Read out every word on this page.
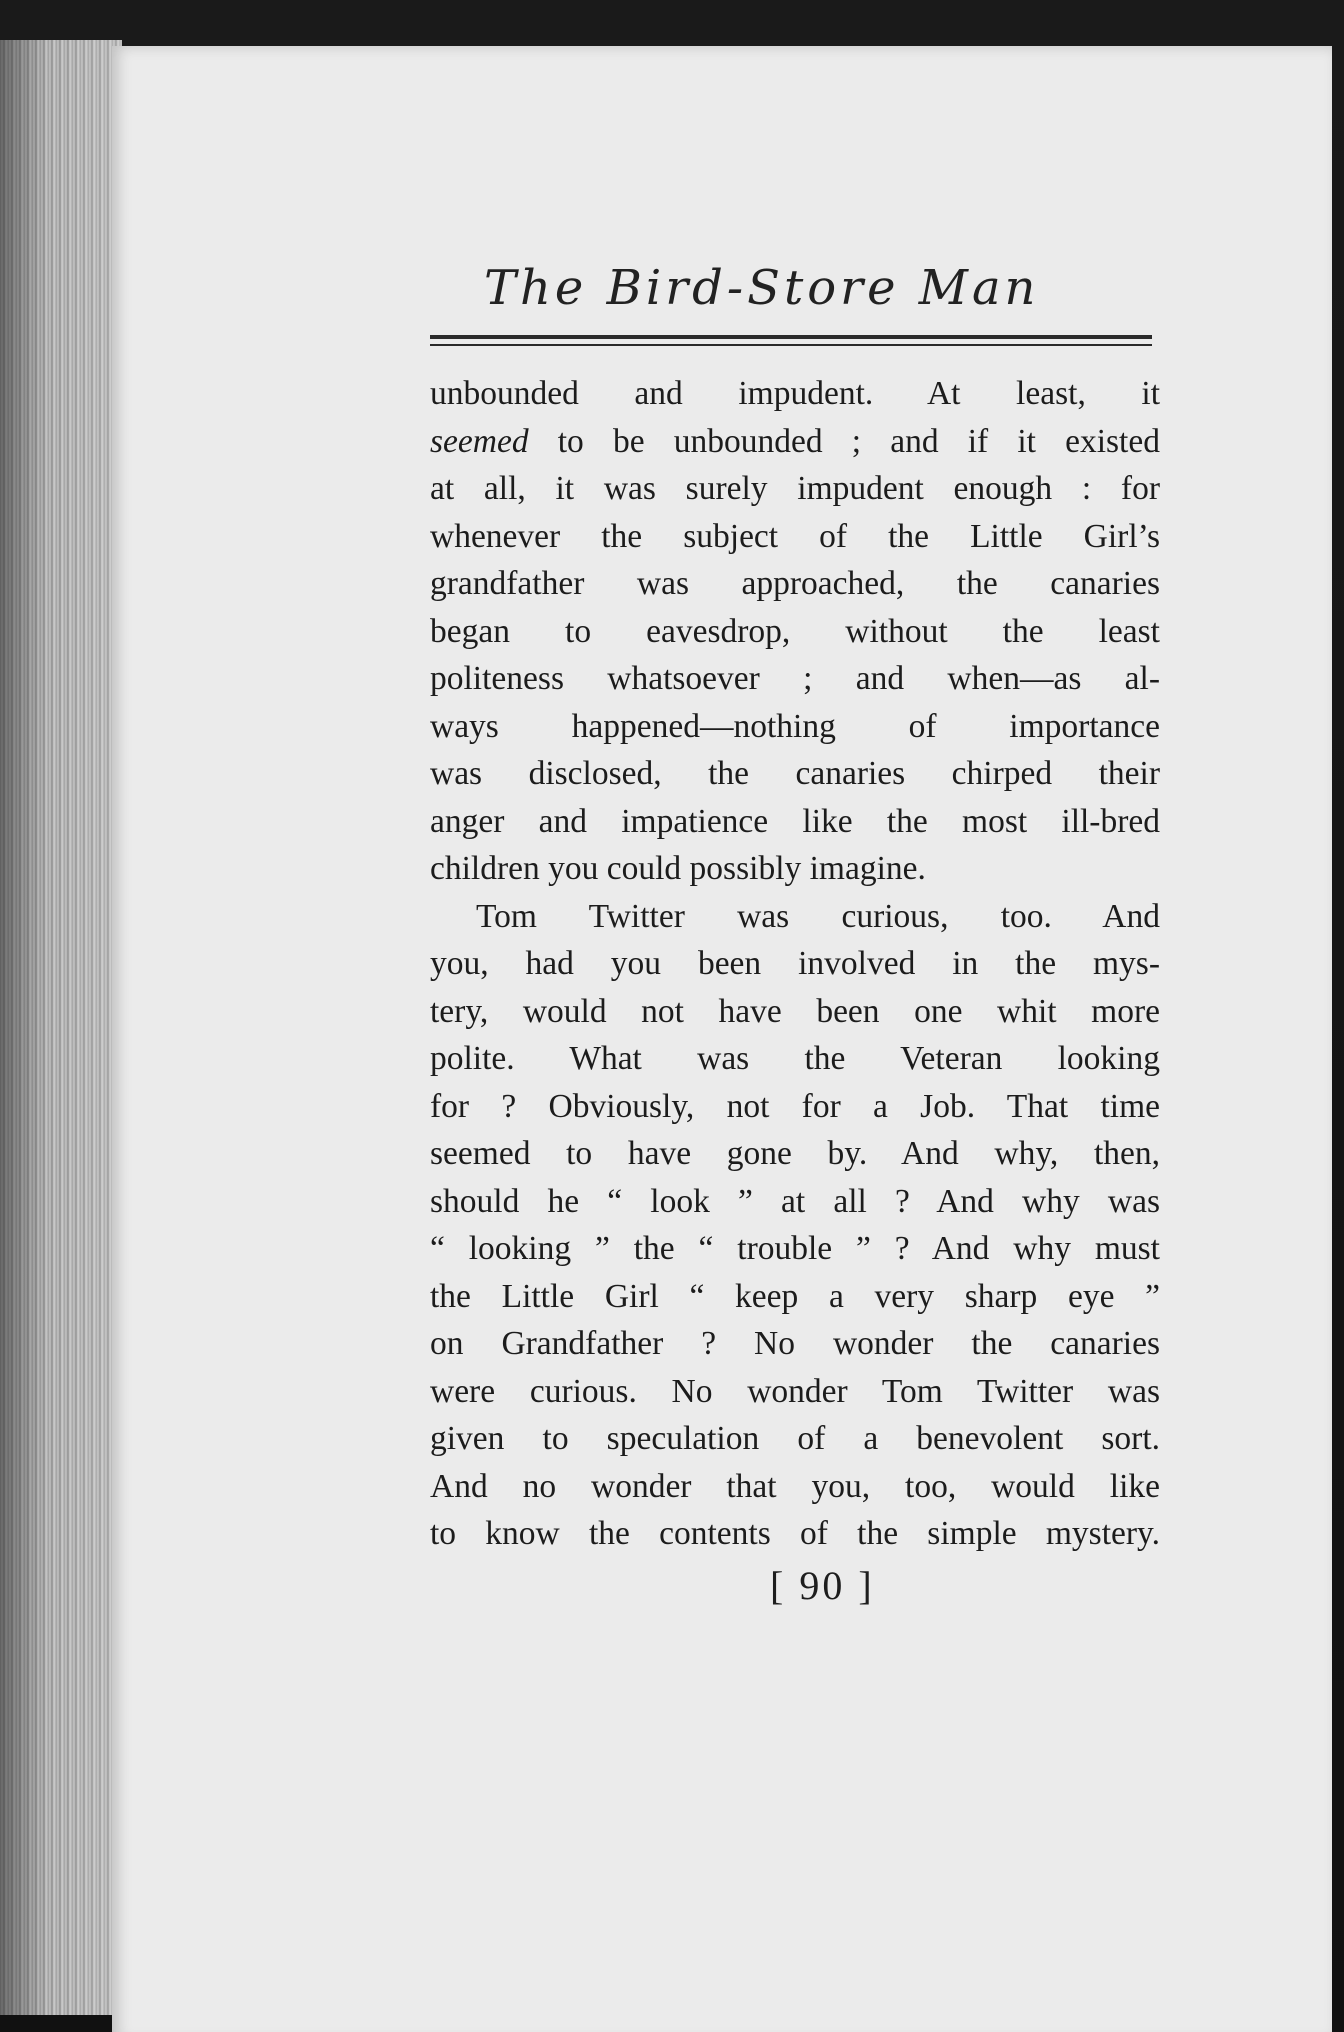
The Bird-Store Man
unbounded and impudent. At least, it
seemed to be unbounded ; and if it existed
at all, it was surely impudent enough : for
whenever the subject of the Little Girl’s
grandfather was approached, the canaries
began to eavesdrop, without the least
politeness whatsoever ; and when—as al-
ways happened—nothing of importance
was disclosed, the canaries chirped their
anger and impatience like the most ill-bred
children you could possibly imagine.
Tom Twitter was curious, too. And
you, had you been involved in the mys-
tery, would not have been one whit more
polite. What was the Veteran looking
for ? Obviously, not for a Job. That time
seemed to have gone by. And why, then,
should he “ look ” at all ? And why was
“ looking ” the “ trouble ” ? And why must
the Little Girl “ keep a very sharp eye ”
on Grandfather ? No wonder the canaries
were curious. No wonder Tom Twitter was
given to speculation of a benevolent sort.
And no wonder that you, too, would like
to know the contents of the simple mystery.
[ 90 ]
